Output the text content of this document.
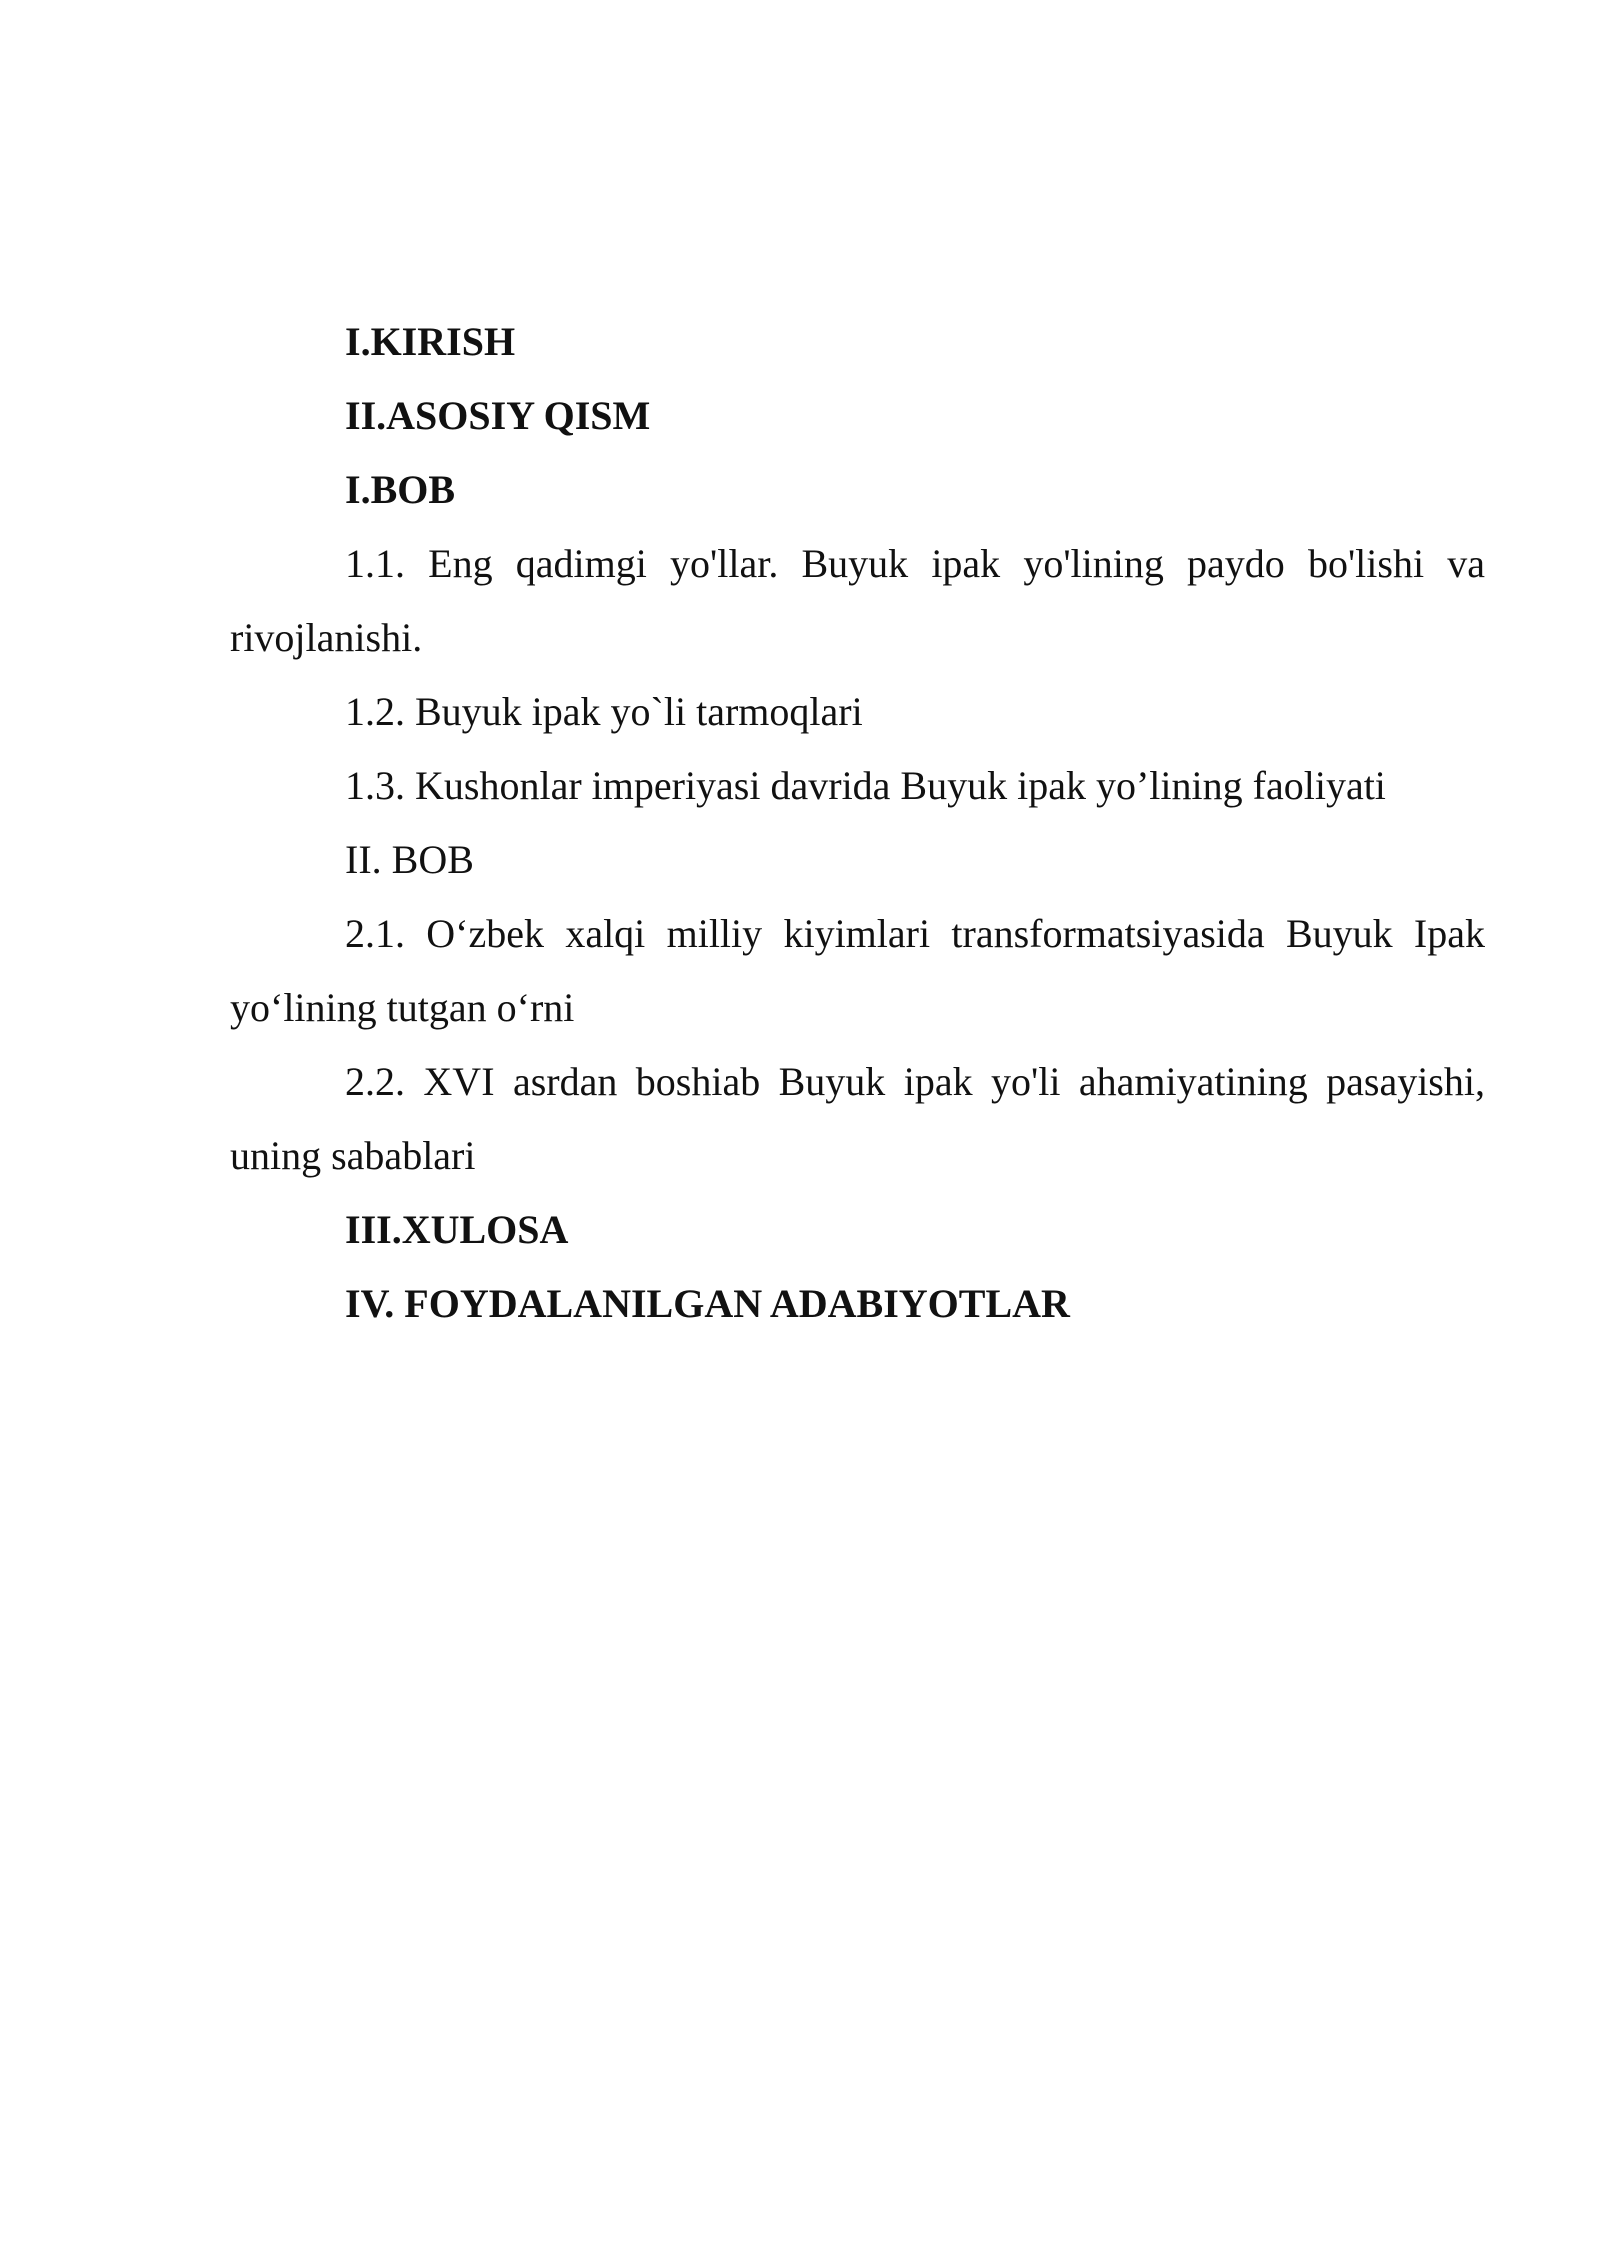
I.KIRISH
II.ASOSIY QISM
I.BOB
1.1. Eng qadimgi yo'llar. Buyuk ipak yo'lining paydo bo'lishi va rivojlanishi.
1.2. Buyuk ipak yo`li tarmoqlari
1.3. Kushonlar imperiyasi davrida Buyuk ipak yo’lining faoliyati
II. BOB
2.1. O‘zbek xalqi milliy kiyimlari transformatsiyasida Buyuk Ipak yo‘lining tutgan o‘rni
2.2. XVI asrdan boshiab Buyuk ipak yo'li ahamiyatining pasayishi, uning sabablari
III.XULOSA
IV. FOYDALANILGAN ADABIYOTLAR
